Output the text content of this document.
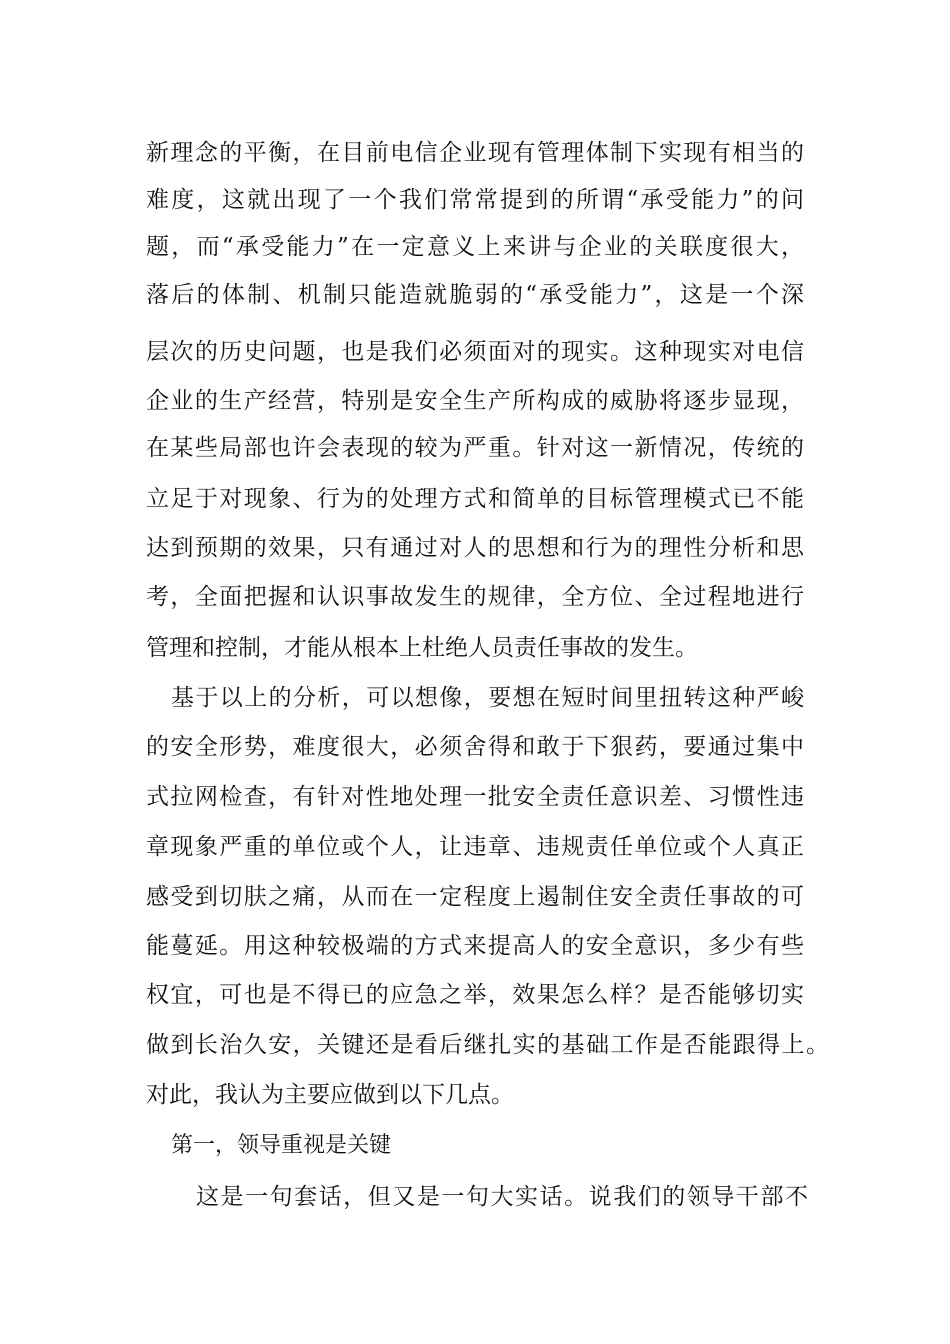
新理念的平衡，在目前电信企业现有管理体制下实现有相当的

难度，这就出现了一个我们常常提到的所谓“承受能力”的问

题，而“承受能力”在一定意义上来讲与企业的关联度很大，

落后的体制、机制只能造就脆弱的“承受能力”，这是一个深

层次的历史问题，也是我们必须面对的现实。这种现实对电信

企业的生产经营，特别是安全生产所构成的威胁将逐步显现，

在某些局部也许会表现的较为严重。针对这一新情况，传统的

立足于对现象、行为的处理方式和简单的目标管理模式已不能

达到预期的效果，只有通过对人的思想和行为的理性分析和思

考，全面把握和认识事故发生的规律，全方位、全过程地进行

管理和控制，才能从根本上杜绝人员责任事故的发生。

基于以上的分析，可以想像，要想在短时间里扭转这种严峻

的安全形势，难度很大，必须舍得和敢于下狠药，要通过集中

式拉网检查，有针对性地处理一批安全责任意识差、习惯性违

章现象严重的单位或个人，让违章、违规责任单位或个人真正

感受到切肤之痛，从而在一定程度上遏制住安全责任事故的可

能蔓延。用这种较极端的方式来提高人的安全意识，多少有些

权宜，可也是不得已的应急之举，效果怎么样？是否能够切实

做到长治久安，关键还是看后继扎实的基础工作是否能跟得上。

对此，我认为主要应做到以下几点。

第一，领导重视是关键

这是一句套话，但又是一句大实话。说我们的领导干部不
